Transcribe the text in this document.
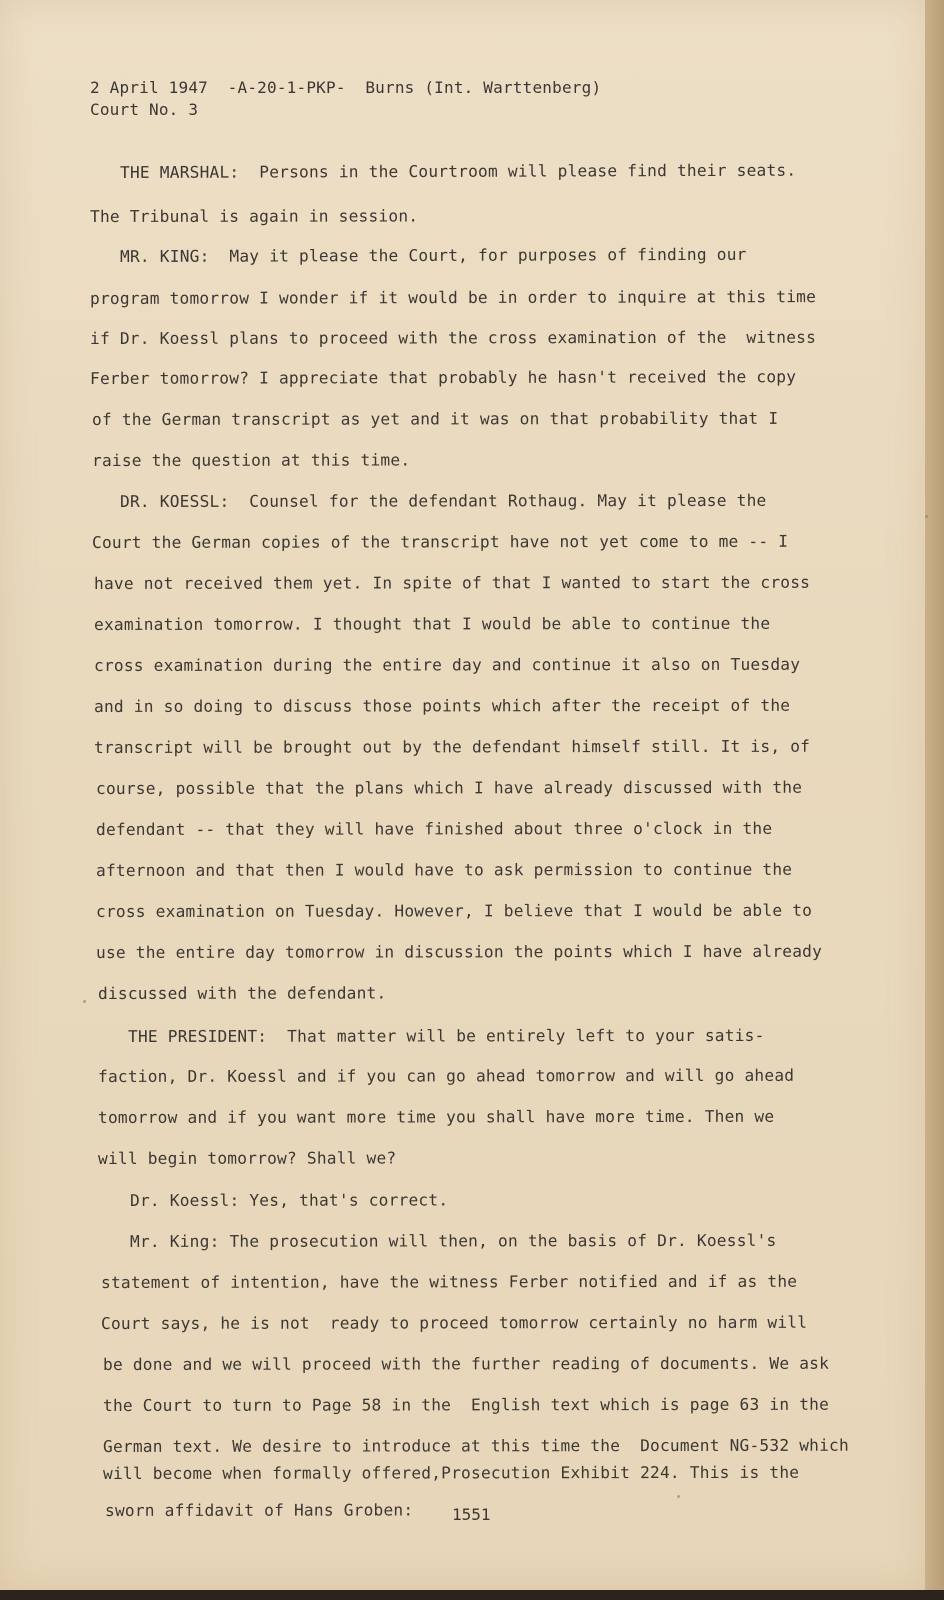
2 April 1947  -A-20-1-PKP-  Burns (Int. Warttenberg)

Court No. 3

THE MARSHAL:  Persons in the Courtroom will please find their seats.

The Tribunal is again in session.

MR. KING:  May it please the Court, for purposes of finding our

program tomorrow I wonder if it would be in order to inquire at this time

if Dr. Koessl plans to proceed with the cross examination of the  witness

Ferber tomorrow? I appreciate that probably he hasn't received the copy

of the German transcript as yet and it was on that probability that I

raise the question at this time.

DR. KOESSL:  Counsel for the defendant Rothaug. May it please the

Court the German copies of the transcript have not yet come to me -- I

have not received them yet. In spite of that I wanted to start the cross

examination tomorrow. I thought that I would be able to continue the

cross examination during the entire day and continue it also on Tuesday

and in so doing to discuss those points which after the receipt of the

transcript will be brought out by the defendant himself still. It is, of

course, possible that the plans which I have already discussed with the

defendant -- that they will have finished about three o'clock in the

afternoon and that then I would have to ask permission to continue the

cross examination on Tuesday. However, I believe that I would be able to

use the entire day tomorrow in discussion the points which I have already

discussed with the defendant.

THE PRESIDENT:  That matter will be entirely left to your satis-

faction, Dr. Koessl and if you can go ahead tomorrow and will go ahead

tomorrow and if you want more time you shall have more time. Then we

will begin tomorrow? Shall we?

Dr. Koessl: Yes, that's correct.

Mr. King: The prosecution will then, on the basis of Dr. Koessl's

statement of intention, have the witness Ferber notified and if as the

Court says, he is not  ready to proceed tomorrow certainly no harm will

be done and we will proceed with the further reading of documents. We ask

the Court to turn to Page 58 in the  English text which is page 63 in the

German text. We desire to introduce at this time the  Document NG-532 which

will become when formally offered,Prosecution Exhibit 224. This is the

sworn affidavit of Hans Groben: 1551
